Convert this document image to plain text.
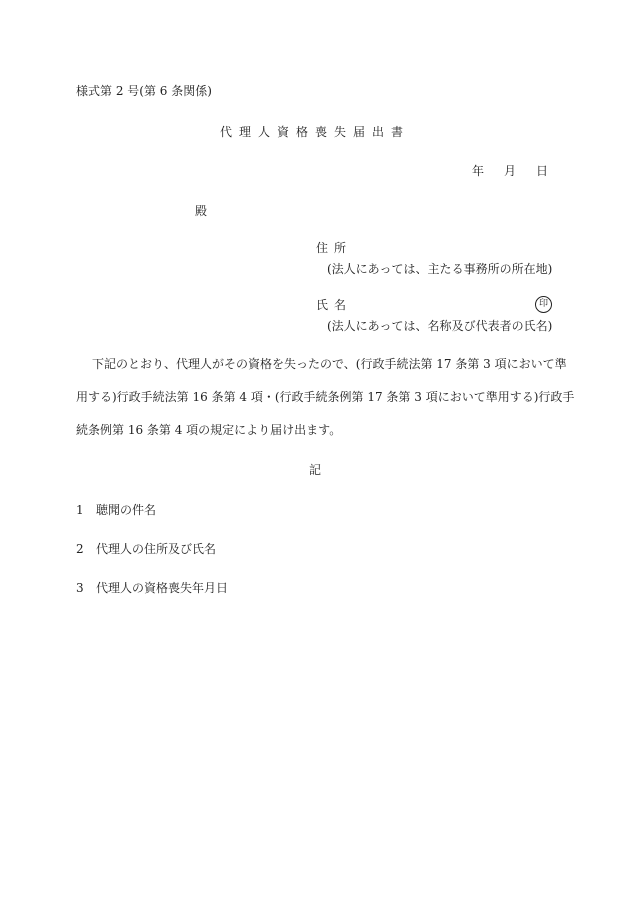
様式第 2 号(第 6 条関係)
代理人資格喪失届出書
年 月 日
殿
住所
(法人にあっては、主たる事務所の所在地)
氏名	印
(法人にあっては、名称及び代表者の氏名)
下記のとおり、代理人がその資格を失ったので、(行政手続法第 17 条第 3 項において準
用する)行政手続法第 16 条第 4 項・(行政手続条例第 17 条第 3 項において準用する)行政手
続条例第 16 条第 4 項の規定により届け出ます。
記
1	聴聞の件名
2	代理人の住所及び氏名
3	代理人の資格喪失年月日
